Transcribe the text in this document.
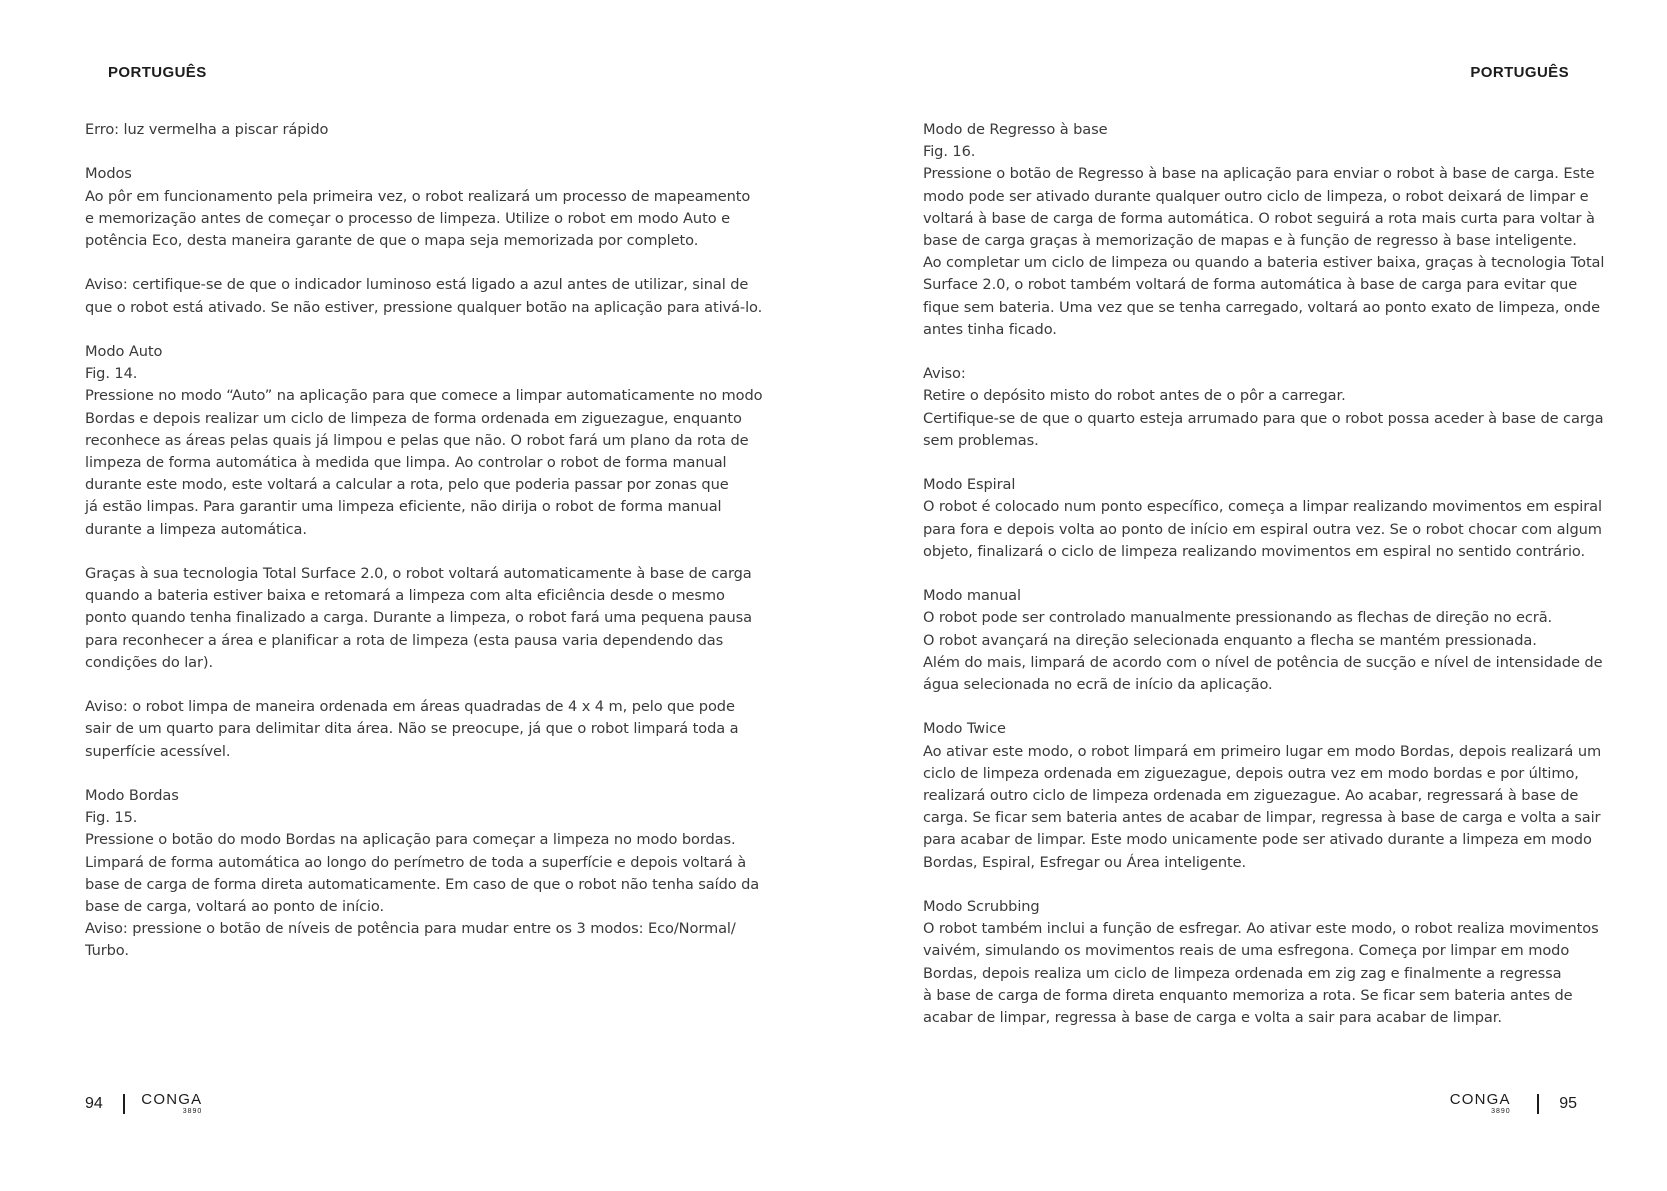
PORTUGUÊS	PORTUGUÊS
Erro: luz vermelha a piscar rápido
Modos
Ao pôr em funcionamento pela primeira vez, o robot realizará um processo de mapeamento
e memorização antes de começar o processo de limpeza. Utilize o robot em modo Auto e
potência Eco, desta maneira garante de que o mapa seja memorizada por completo.
Aviso: certifique-se de que o indicador luminoso está ligado a azul antes de utilizar, sinal de
que o robot está ativado. Se não estiver, pressione qualquer botão na aplicação para ativá-lo.
Modo Auto
Fig. 14.
Pressione no modo “Auto” na aplicação para que comece a limpar automaticamente no modo
Bordas e depois realizar um ciclo de limpeza de forma ordenada em ziguezague, enquanto
reconhece as áreas pelas quais já limpou e pelas que não. O robot fará um plano da rota de
limpeza de forma automática à medida que limpa. Ao controlar o robot de forma manual
durante este modo, este voltará a calcular a rota, pelo que poderia passar por zonas que
já estão limpas. Para garantir uma limpeza eficiente, não dirija o robot de forma manual
durante a limpeza automática.
Graças à sua tecnologia Total Surface 2.0, o robot voltará automaticamente à base de carga
quando a bateria estiver baixa e retomará a limpeza com alta eficiência desde o mesmo
ponto quando tenha finalizado a carga. Durante a limpeza, o robot fará uma pequena pausa
para reconhecer a área e planificar a rota de limpeza (esta pausa varia dependendo das
condições do lar).
Aviso: o robot limpa de maneira ordenada em áreas quadradas de 4 x 4 m, pelo que pode
sair de um quarto para delimitar dita área. Não se preocupe, já que o robot limpará toda a
superfície acessível.
Modo Bordas
Fig. 15.
Pressione o botão do modo Bordas na aplicação para começar a limpeza no modo bordas.
Limpará de forma automática ao longo do perímetro de toda a superfície e depois voltará à
base de carga de forma direta automaticamente. Em caso de que o robot não tenha saído da
base de carga, voltará ao ponto de início.
Aviso: pressione o botão de níveis de potência para mudar entre os 3 modos: Eco/Normal/
Turbo.
Modo de Regresso à base
Fig. 16.
Pressione o botão de Regresso à base na aplicação para enviar o robot à base de carga. Este
modo pode ser ativado durante qualquer outro ciclo de limpeza, o robot deixará de limpar e
voltará à base de carga de forma automática. O robot seguirá a rota mais curta para voltar à
base de carga graças à memorização de mapas e à função de regresso à base inteligente.
Ao completar um ciclo de limpeza ou quando a bateria estiver baixa, graças à tecnologia Total
Surface 2.0, o robot também voltará de forma automática à base de carga para evitar que
fique sem bateria. Uma vez que se tenha carregado, voltará ao ponto exato de limpeza, onde
antes tinha ficado.
Aviso:
Retire o depósito misto do robot antes de o pôr a carregar.
Certifique-se de que o quarto esteja arrumado para que o robot possa aceder à base de carga
sem problemas.
Modo Espiral
O robot é colocado num ponto específico, começa a limpar realizando movimentos em espiral
para fora e depois volta ao ponto de início em espiral outra vez. Se o robot chocar com algum
objeto, finalizará o ciclo de limpeza realizando movimentos em espiral no sentido contrário.
Modo manual
O robot pode ser controlado manualmente pressionando as flechas de direção no ecrã.
O robot avançará na direção selecionada enquanto a flecha se mantém pressionada.
Além do mais, limpará de acordo com o nível de potência de sucção e nível de intensidade de
água selecionada no ecrã de início da aplicação.
Modo Twice
Ao ativar este modo, o robot limpará em primeiro lugar em modo Bordas, depois realizará um
ciclo de limpeza ordenada em ziguezague, depois outra vez em modo bordas e por último,
realizará outro ciclo de limpeza ordenada em ziguezague. Ao acabar, regressará à base de
carga. Se ficar sem bateria antes de acabar de limpar, regressa à base de carga e volta a sair
para acabar de limpar. Este modo unicamente pode ser ativado durante a limpeza em modo
Bordas, Espiral, Esfregar ou Área inteligente.
Modo Scrubbing
O robot também inclui a função de esfregar. Ao ativar este modo, o robot realiza movimentos
vaivém, simulando os movimentos reais de uma esfregona. Começa por limpar em modo
Bordas, depois realiza um ciclo de limpeza ordenada em zig zag e finalmente a regressa
à base de carga de forma direta enquanto memoriza a rota. Se ficar sem bateria antes de
acabar de limpar, regressa à base de carga e volta a sair para acabar de limpar.
94	CONGA
3890
CONGA
3890	95
